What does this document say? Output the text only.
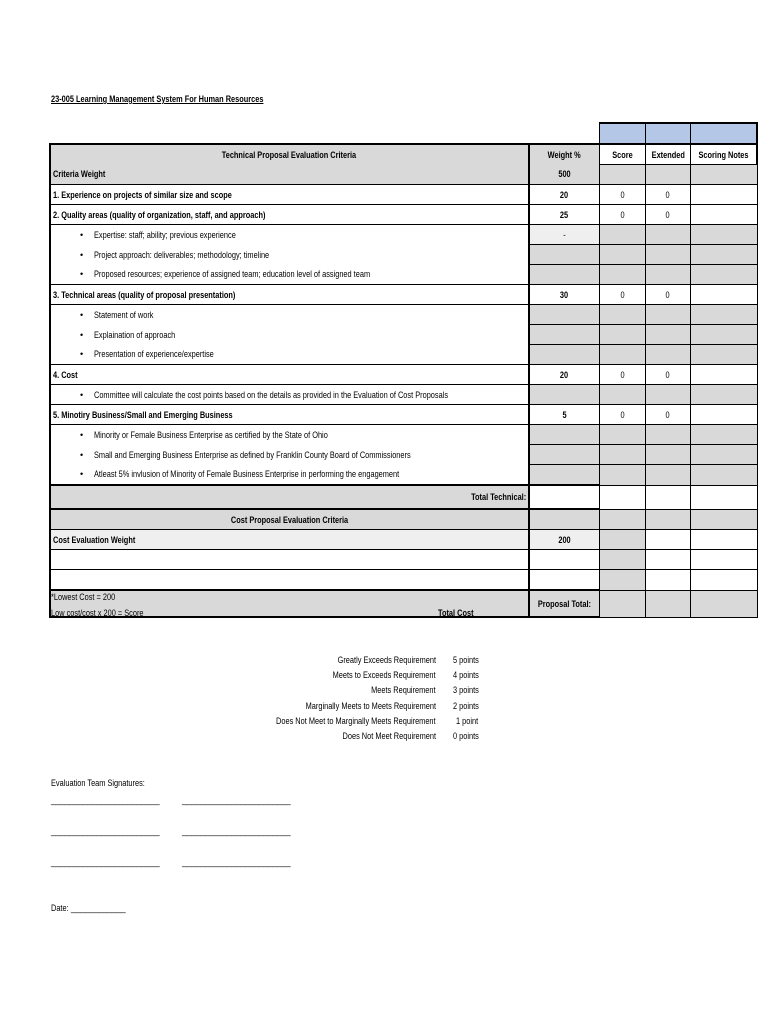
23-005 Learning Management System For Human Resources

Technical Proposal Evaluation Criteria	Weight %	Score	Extended	Scoring Notes
Criteria Weight	500			
1. Experience on projects of similar size and scope	20	0	0	
2. Quality areas (quality of organization, staff, and approach)	25	0	0	
• Expertise: staff; ability; previous experience	-			
• Project approach: deliverables; methodology; timeline				
• Proposed resources; experience of assigned team; education level of assigned team				
3. Technical areas (quality of proposal presentation)	30	0	0	
• Statement of work				
• Explaination of approach				
• Presentation of experience/expertise				
4. Cost	20	0	0	
• Committee will calculate the cost points based on the details as provided in the Evaluation of Cost Proposals				
5. Minotiry Business/Small and Emerging Business	5	0	0	
• Minority or Female Business Enterprise as certified by the State of Ohio				
• Small and Emerging Business Enterprise as defined by Franklin County Board of Commissioners				
• Atleast 5% invlusion of Minority of Female Business Enterprise in performing the engagement				
Total Technical:				
Cost Proposal Evaluation Criteria				
Cost Evaluation Weight	200			

	Proposal Total:			
*Lowest Cost = 200
Low cost/cost x 200 = Score	Total Cost
Greatly Exceeds Requirement 5 points
Meets to Exceeds Requirement 4 points
Meets Requirement 3 points
Marginally Meets to Meets Requirement 2 points
Does Not Meet to Marginally Meets Requirement 1 point
Does Not Meet Requirement 0 points
Evaluation Team Signatures:
________________________	________________________
________________________	________________________
________________________	________________________
Date: ____________
